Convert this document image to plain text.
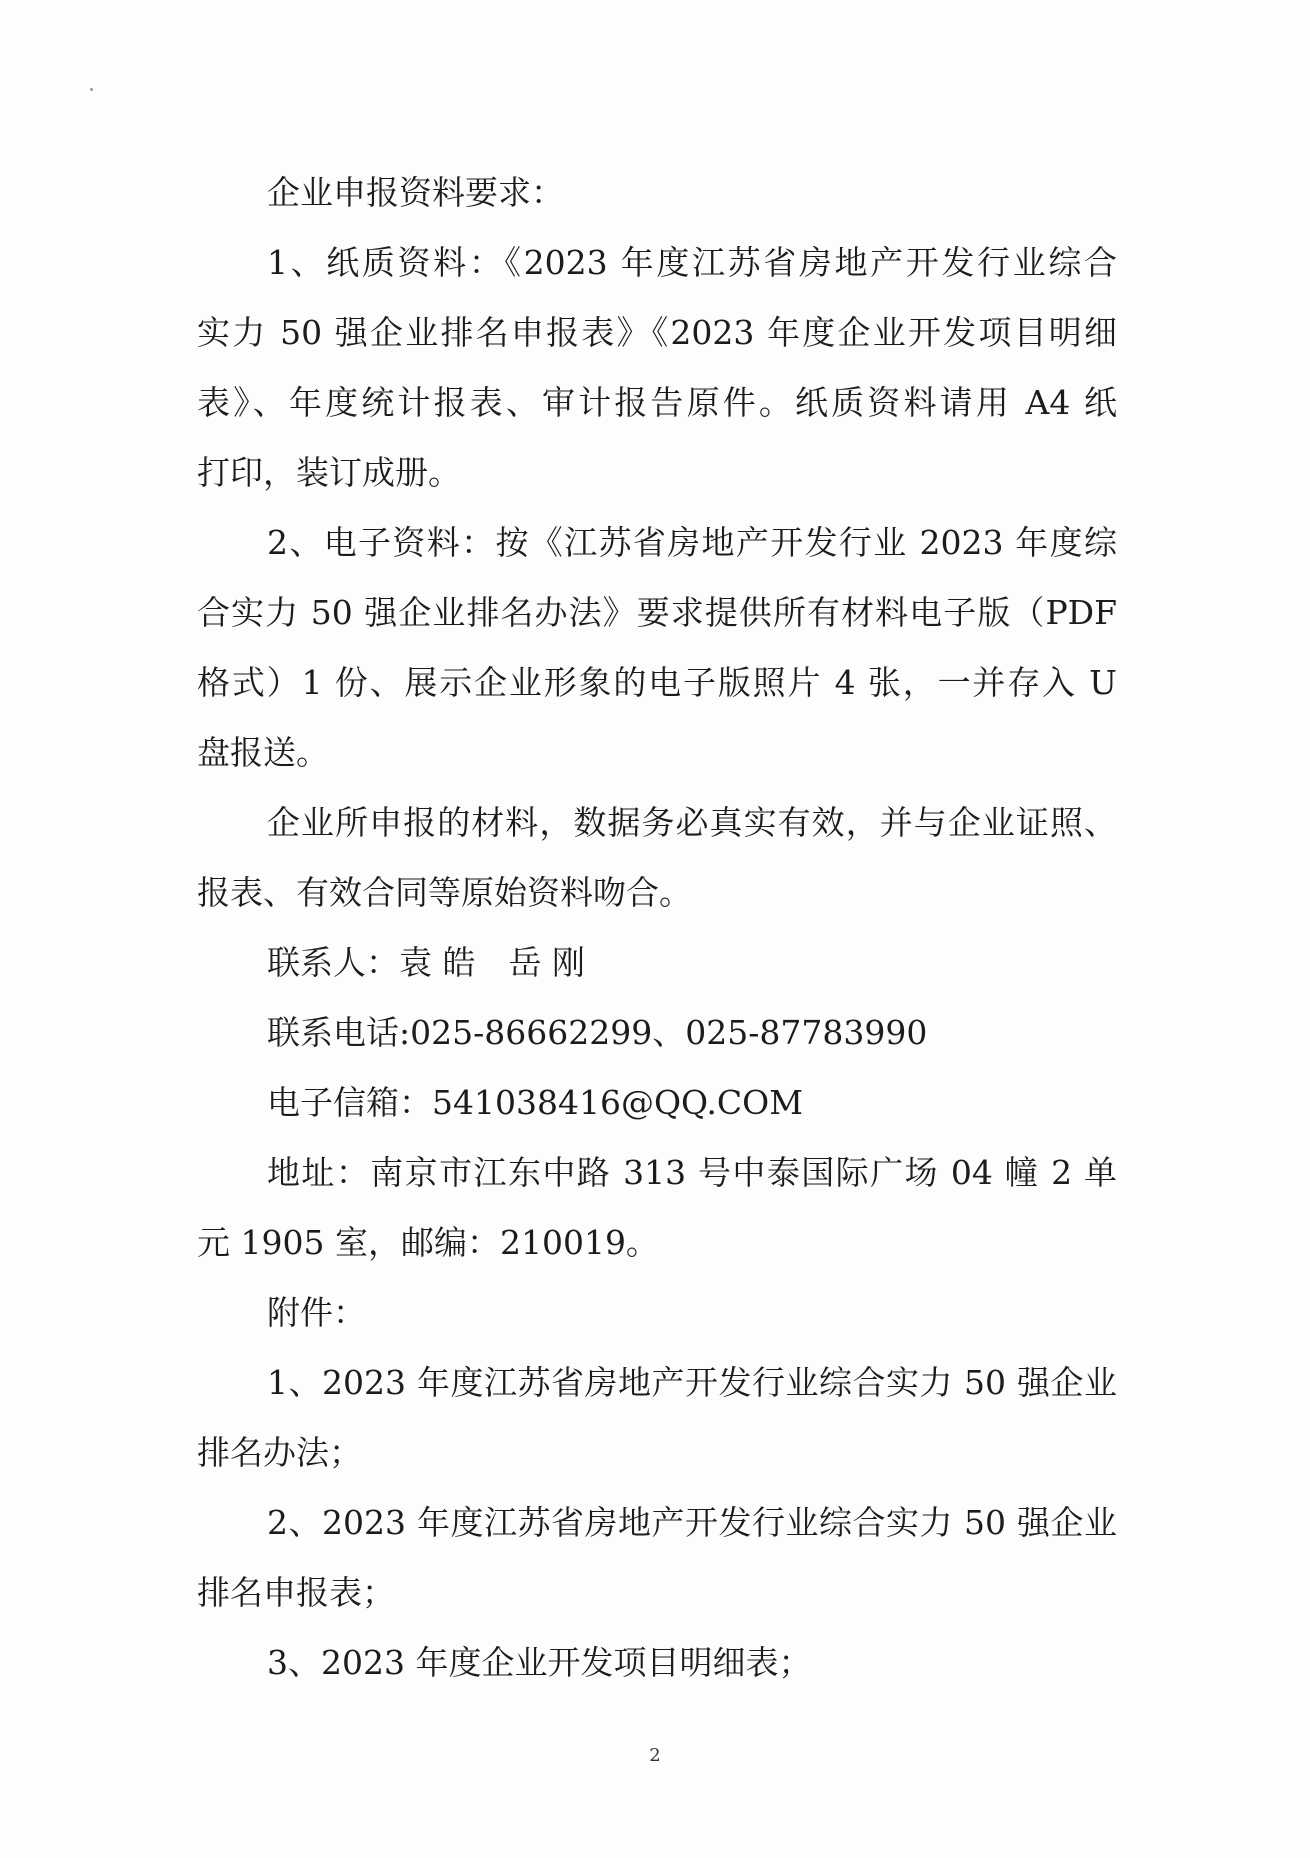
企业申报资料要求：
1、纸质资料：《2023 年度江苏省房地产开发行业综合
实力 50 强企业排名申报表》《2023 年度企业开发项目明细
表》、年度统计报表、审计报告原件。纸质资料请用 A4 纸
打印，装订成册。
2、电子资料：按《江苏省房地产开发行业 2023 年度综
合实力 50 强企业排名办法》要求提供所有材料电子版（PDF
格式）1 份、展示企业形象的电子版照片 4 张，一并存入 U
盘报送。
企业所申报的材料，数据务必真实有效，并与企业证照、
报表、有效合同等原始资料吻合。
联系人：袁 皓　岳 刚
联系电话:025-86662299、025-87783990
电子信箱：541038416@QQ.COM
地址：南京市江东中路 313 号中泰国际广场 04 幢 2 单
元 1905 室，邮编：210019。
附件：
1、2023 年度江苏省房地产开发行业综合实力 50 强企业
排名办法；
2、2023 年度江苏省房地产开发行业综合实力 50 强企业
排名申报表；
3、2023 年度企业开发项目明细表；
2
